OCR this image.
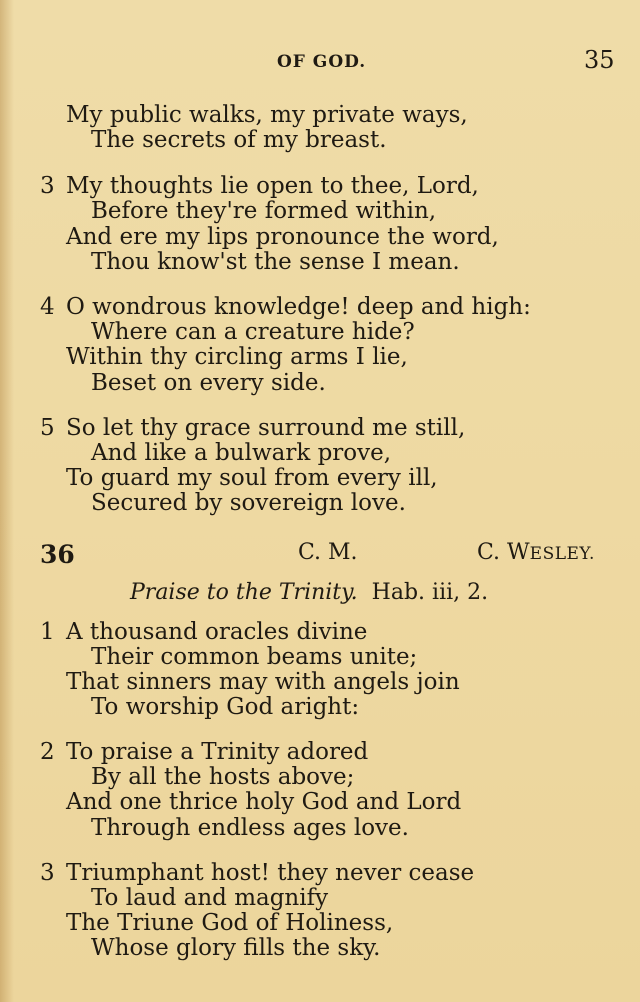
OF GOD.	35
My public walks, my private ways,
The secrets of my breast.
3 My thoughts lie open to thee, Lord,
Before they're formed within,
And ere my lips pronounce the word,
Thou know'st the sense I mean.
4 O wondrous knowledge! deep and high:
Where can a creature hide?
Within thy circling arms I lie,
Beset on every side.
5 So let thy grace surround me still,
And like a bulwark prove,
To guard my soul from every ill,
Secured by sovereign love.
36	C. M.	C. WESLEY.
Praise to the Trinity. Hab. iii, 2.
1 A thousand oracles divine
Their common beams unite;
That sinners may with angels join
To worship God aright:
2 To praise a Trinity adored
By all the hosts above;
And one thrice holy God and Lord
Through endless ages love.
3 Triumphant host! they never cease
To laud and magnify
The Triune God of Holiness,
Whose glory fills the sky.
